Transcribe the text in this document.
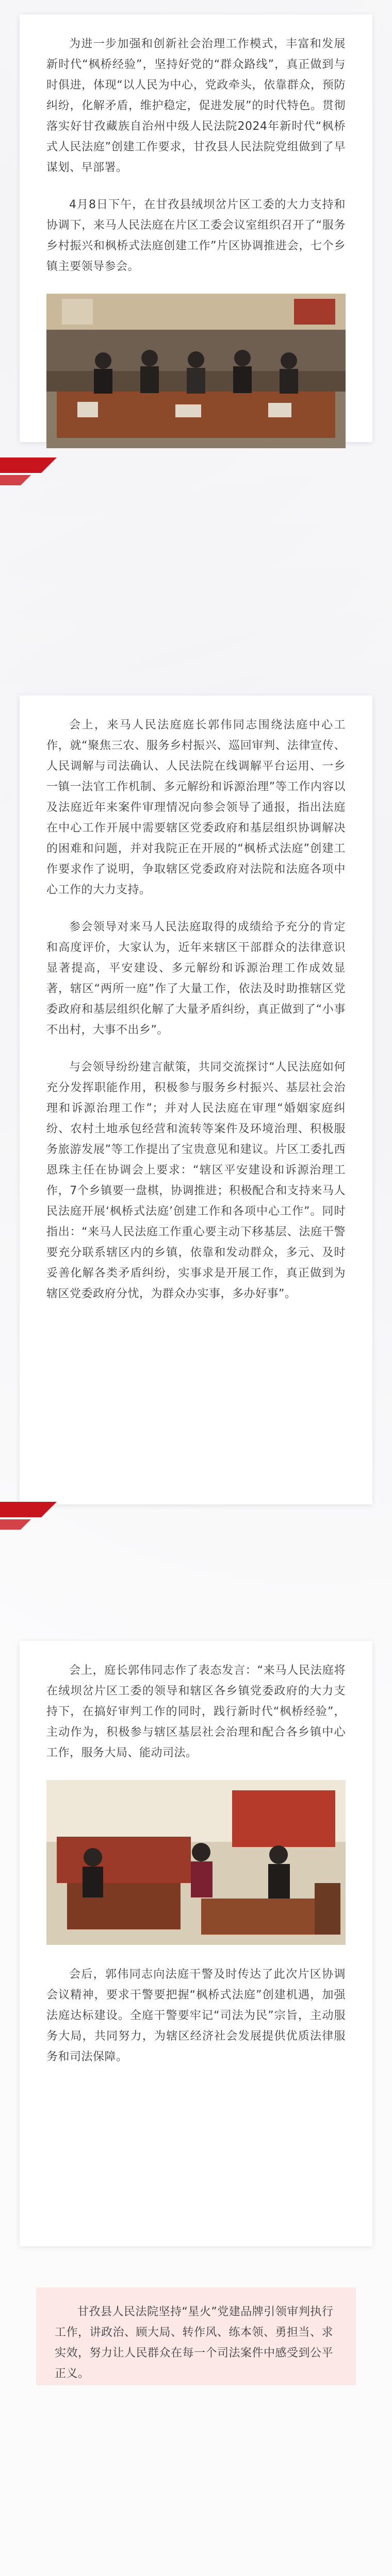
为进一步加强和创新社会治理工作模式，丰富和发展新时代“枫桥经验”，坚持好党的“群众路线”，真正做到与时俱进，体现“以人民为中心，党政牵头，依靠群众，预防纠纷，化解矛盾，维护稳定，促进发展”的时代特色。贯彻落实好甘孜藏族自治州中级人民法院2024年新时代“枫桥式人民法庭”创建工作要求，甘孜县人民法院党组做到了早谋划、早部署。

4月8日下午，在甘孜县绒坝岔片区工委的大力支持和协调下，来马人民法庭在片区工委会议室组织召开了“服务乡村振兴和枫桥式法庭创建工作”片区协调推进会，七个乡镇主要领导参会。

会上，来马人民法庭庭长郭伟同志围绕法庭中心工作，就“聚焦三农、服务乡村振兴、巡回审判、法律宣传、人民调解与司法确认、人民法院在线调解平台运用、一乡一镇一法官工作机制、多元解纷和诉源治理”等工作内容以及法庭近年来案件审理情况向参会领导了通报，指出法庭在中心工作开展中需要辖区党委政府和基层组织协调解决的困难和问题，并对我院正在开展的“枫桥式法庭”创建工作要求作了说明，争取辖区党委政府对法院和法庭各项中心工作的大力支持。

参会领导对来马人民法庭取得的成绩给予充分的肯定和高度评价，大家认为，近年来辖区干部群众的法律意识显著提高，平安建设、多元解纷和诉源治理工作成效显著，辖区“两所一庭”作了大量工作，依法及时助推辖区党委政府和基层组织化解了大量矛盾纠纷，真正做到了“小事不出村，大事不出乡”。

与会领导纷纷建言献策，共同交流探讨“人民法庭如何充分发挥职能作用，积极参与服务乡村振兴、基层社会治理和诉源治理工作”；并对人民法庭在审理“婚姻家庭纠纷、农村土地承包经营和流转等案件及环境治理、积极服务旅游发展”等工作提出了宝贵意见和建议。片区工委扎西恩珠主任在协调会上要求：“辖区平安建设和诉源治理工作，7个乡镇要一盘棋，协调推进；积极配合和支持来马人民法庭开展‘枫桥式法庭’创建工作和各项中心工作”。同时指出：“来马人民法庭工作重心要主动下移基层、法庭干警要充分联系辖区内的乡镇，依靠和发动群众，多元、及时妥善化解各类矛盾纠纷，实事求是开展工作，真正做到为辖区党委政府分忧，为群众办实事，多办好事”。

会上，庭长郭伟同志作了表态发言：“来马人民法庭将在绒坝岔片区工委的领导和辖区各乡镇党委政府的大力支持下，在搞好审判工作的同时，践行新时代“枫桥经验”，主动作为，积极参与辖区基层社会治理和配合各乡镇中心工作，服务大局、能动司法。

会后，郭伟同志向法庭干警及时传达了此次片区协调会议精神，要求干警要把握“枫桥式法庭”创建机遇，加强法庭达标建设。全庭干警要牢记“司法为民”宗旨，主动服务大局，共同努力，为辖区经济社会发展提供优质法律服务和司法保障。

甘孜县人民法院坚持“星火”党建品牌引领审判执行工作，讲政治、顾大局、转作风、练本领、勇担当、求实效，努力让人民群众在每一个司法案件中感受到公平正义。
